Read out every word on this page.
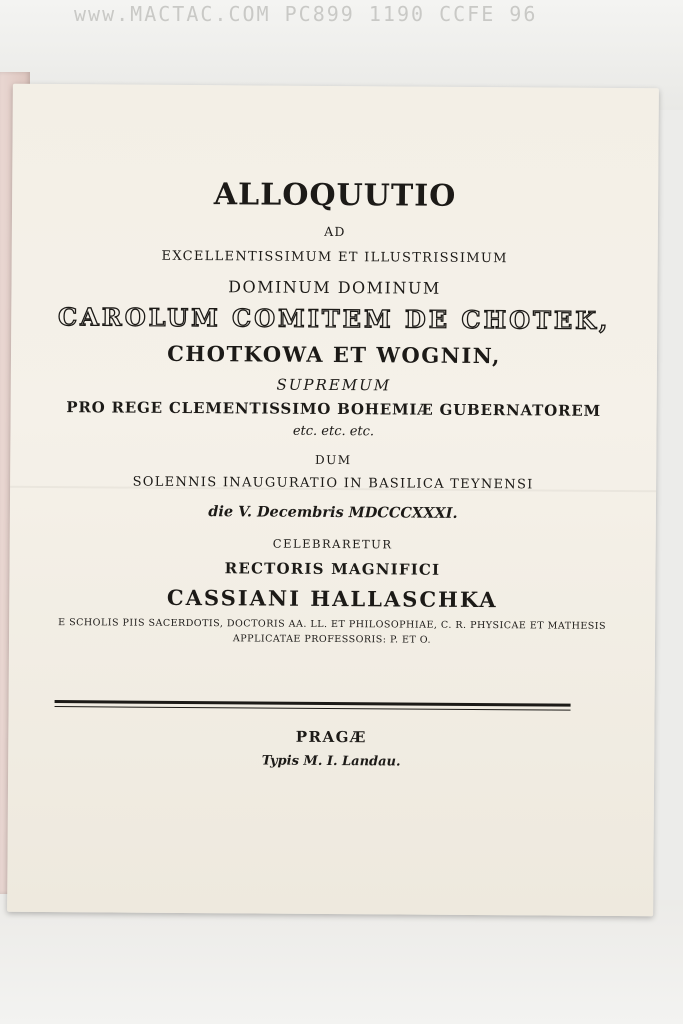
www.MACTAC.COM PC899 1190 CCFE 96
ALLOQUUTIO
AD
EXCELLENTISSIMUM ET ILLUSTRISSIMUM
DOMINUM DOMINUM
CAROLUM COMITEM DE CHOTEK,
CHOTKOWA ET WOGNIN,
SUPREMUM
PRO REGE CLEMENTISSIMO BOHEMIÆ GUBERNATOREM
etc. etc. etc.
DUM
SOLENNIS INAUGURATIO IN BASILICA TEYNENSI
die V. Decembris MDCCCXXXI.
CELEBRARETUR
RECTORIS MAGNIFICI
CASSIANI HALLASCHKA
E SCHOLIS PIIS SACERDOTIS, DOCTORIS AA. LL. ET PHILOSOPHIAE, C. R. PHYSICAE ET MATHESIS
APPLICATAE PROFESSORIS: P. ET O.
PRAGÆ
Typis M. I. Landau.
